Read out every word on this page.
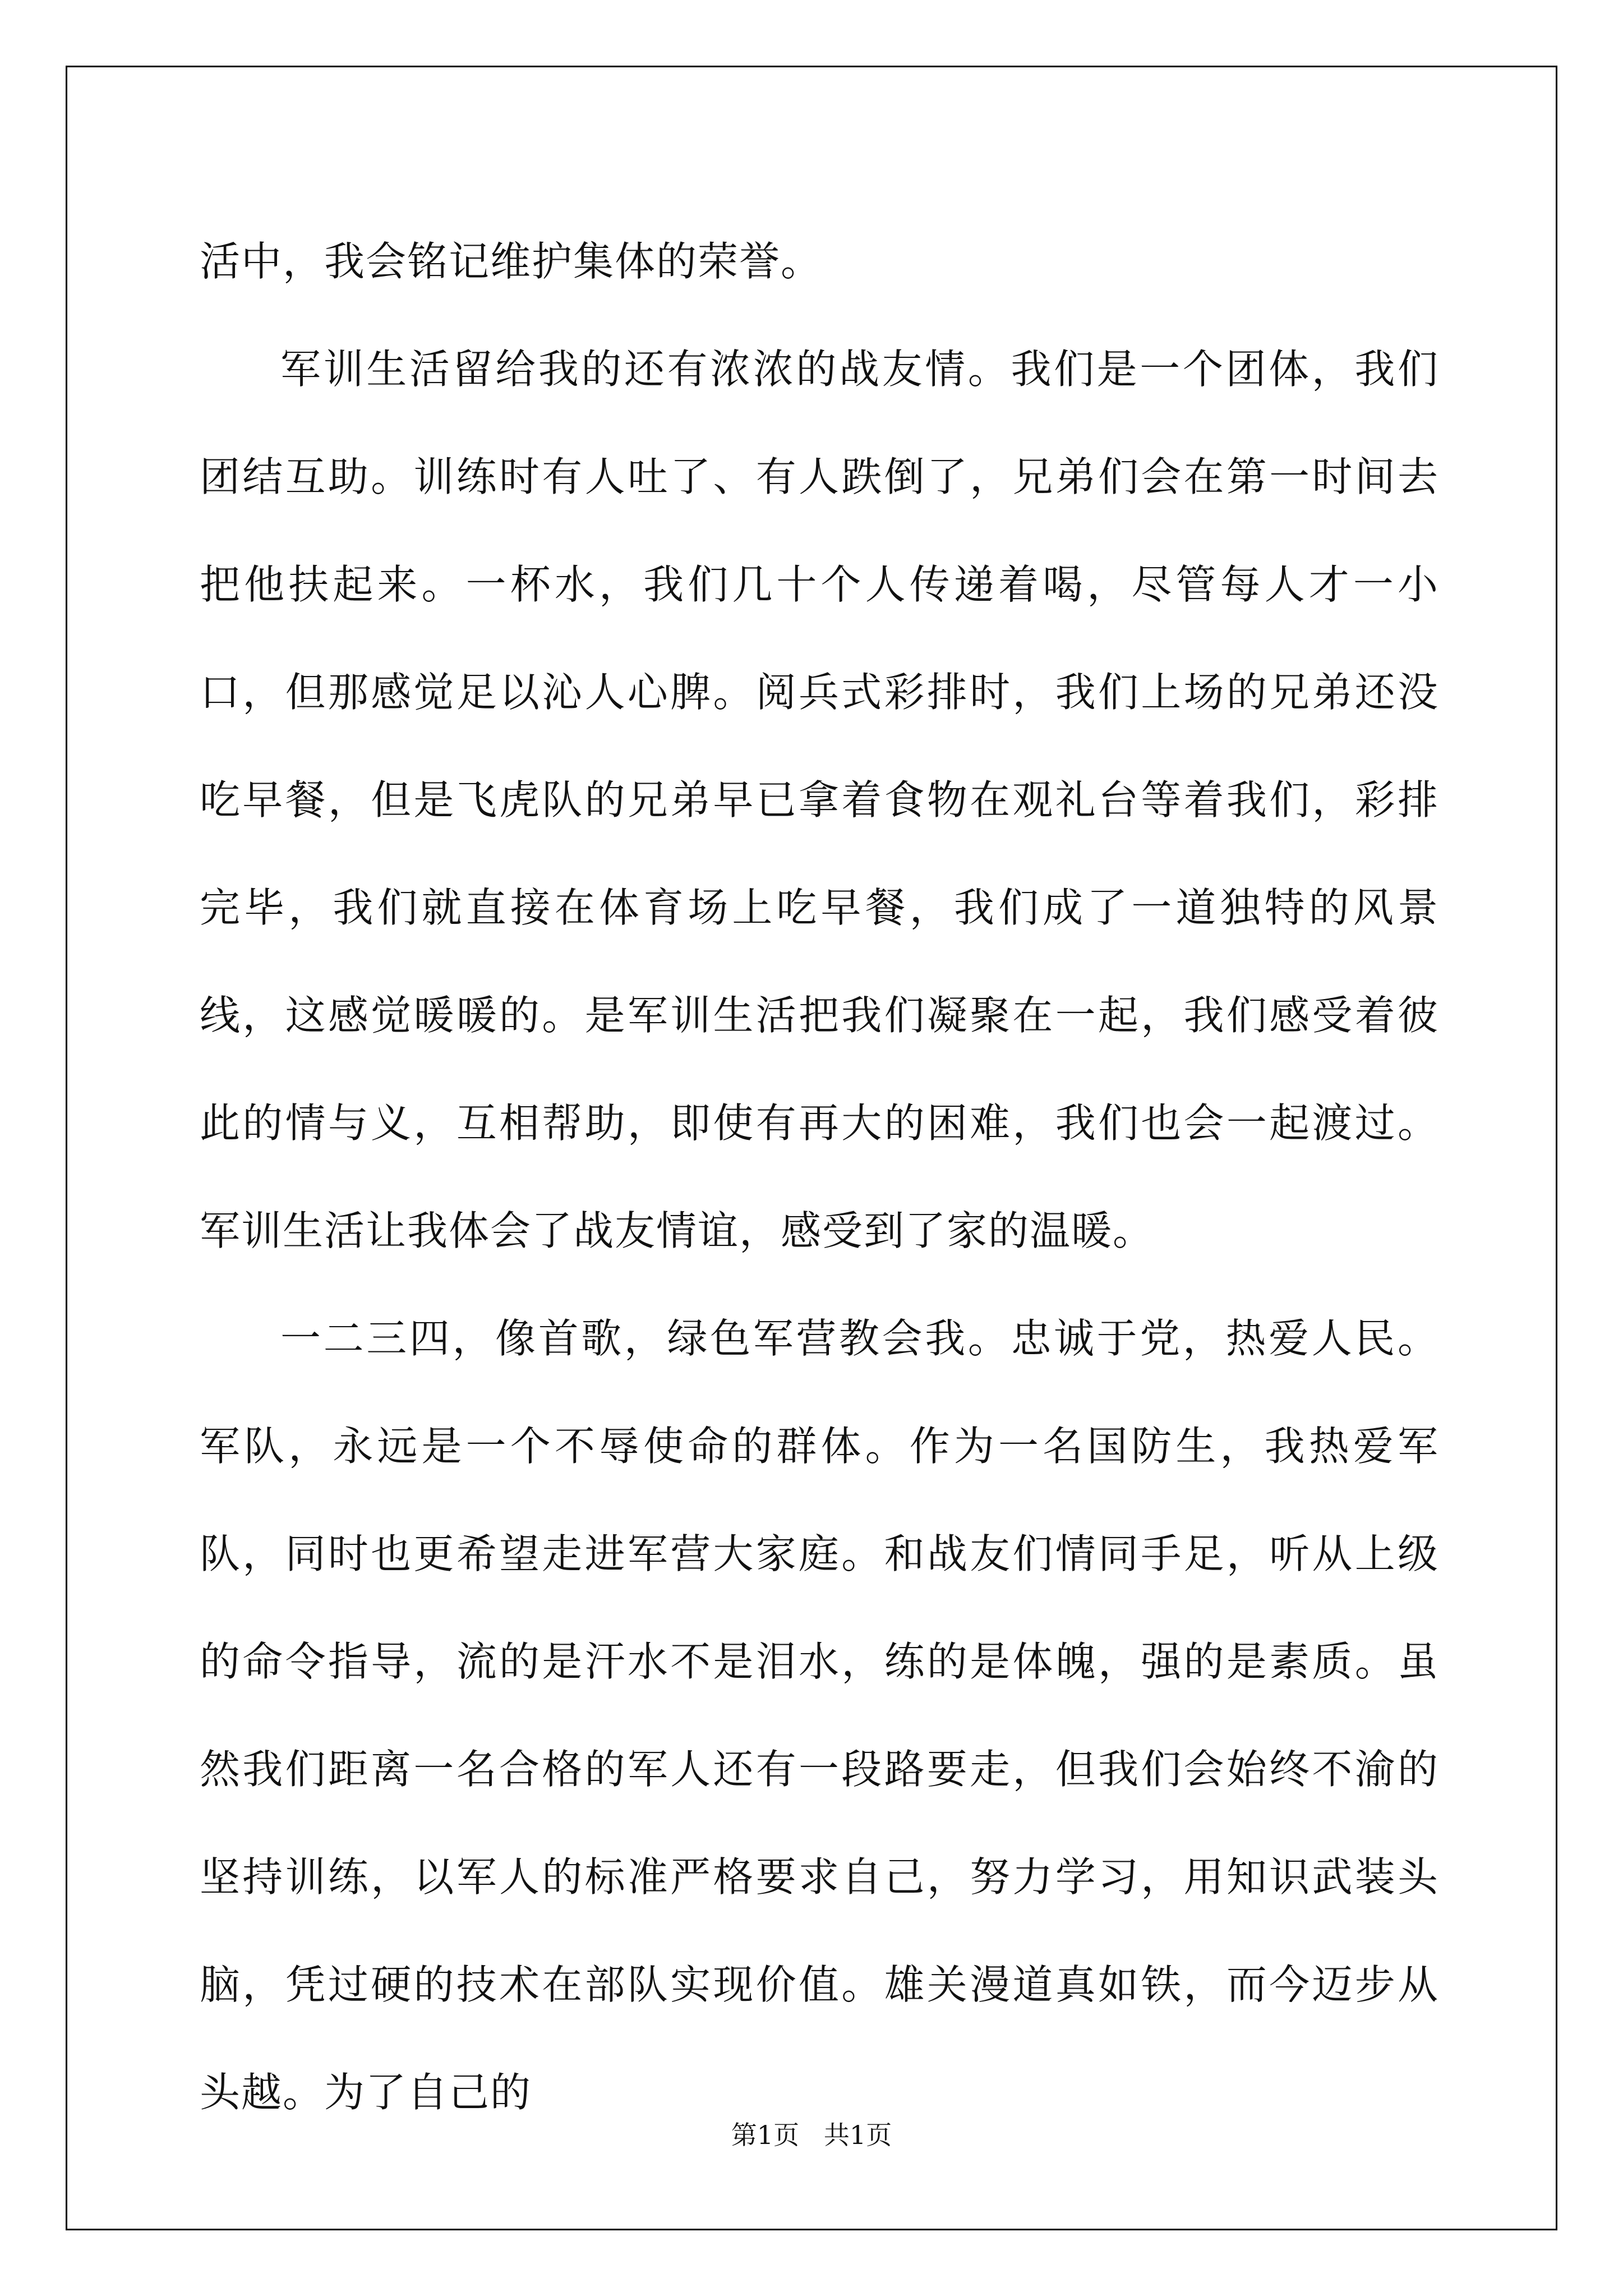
活中，我会铭记维护集体的荣誉。

军训生活留给我的还有浓浓的战友情。我们是一个团体，我们团结互助。训练时有人吐了、有人跌倒了，兄弟们会在第一时间去把他扶起来。一杯水，我们几十个人传递着喝，尽管每人才一小口，但那感觉足以沁人心脾。阅兵式彩排时，我们上场的兄弟还没吃早餐，但是飞虎队的兄弟早已拿着食物在观礼台等着我们，彩排完毕，我们就直接在体育场上吃早餐，我们成了一道独特的风景线，这感觉暖暖的。是军训生活把我们凝聚在一起，我们感受着彼此的情与义，互相帮助，即使有再大的困难，我们也会一起渡过。军训生活让我体会了战友情谊，感受到了家的温暖。

一二三四，像首歌，绿色军营教会我。忠诚于党，热爱人民。军队，永远是一个不辱使命的群体。作为一名国防生，我热爱军队，同时也更希望走进军营大家庭。和战友们情同手足，听从上级的命令指导，流的是汗水不是泪水，练的是体魄，强的是素质。虽然我们距离一名合格的军人还有一段路要走，但我们会始终不渝的坚持训练，以军人的标准严格要求自己，努力学习，用知识武装头脑，凭过硬的技术在部队实现价值。雄关漫道真如铁，而今迈步从头越。为了自己的

第1页   共1页
